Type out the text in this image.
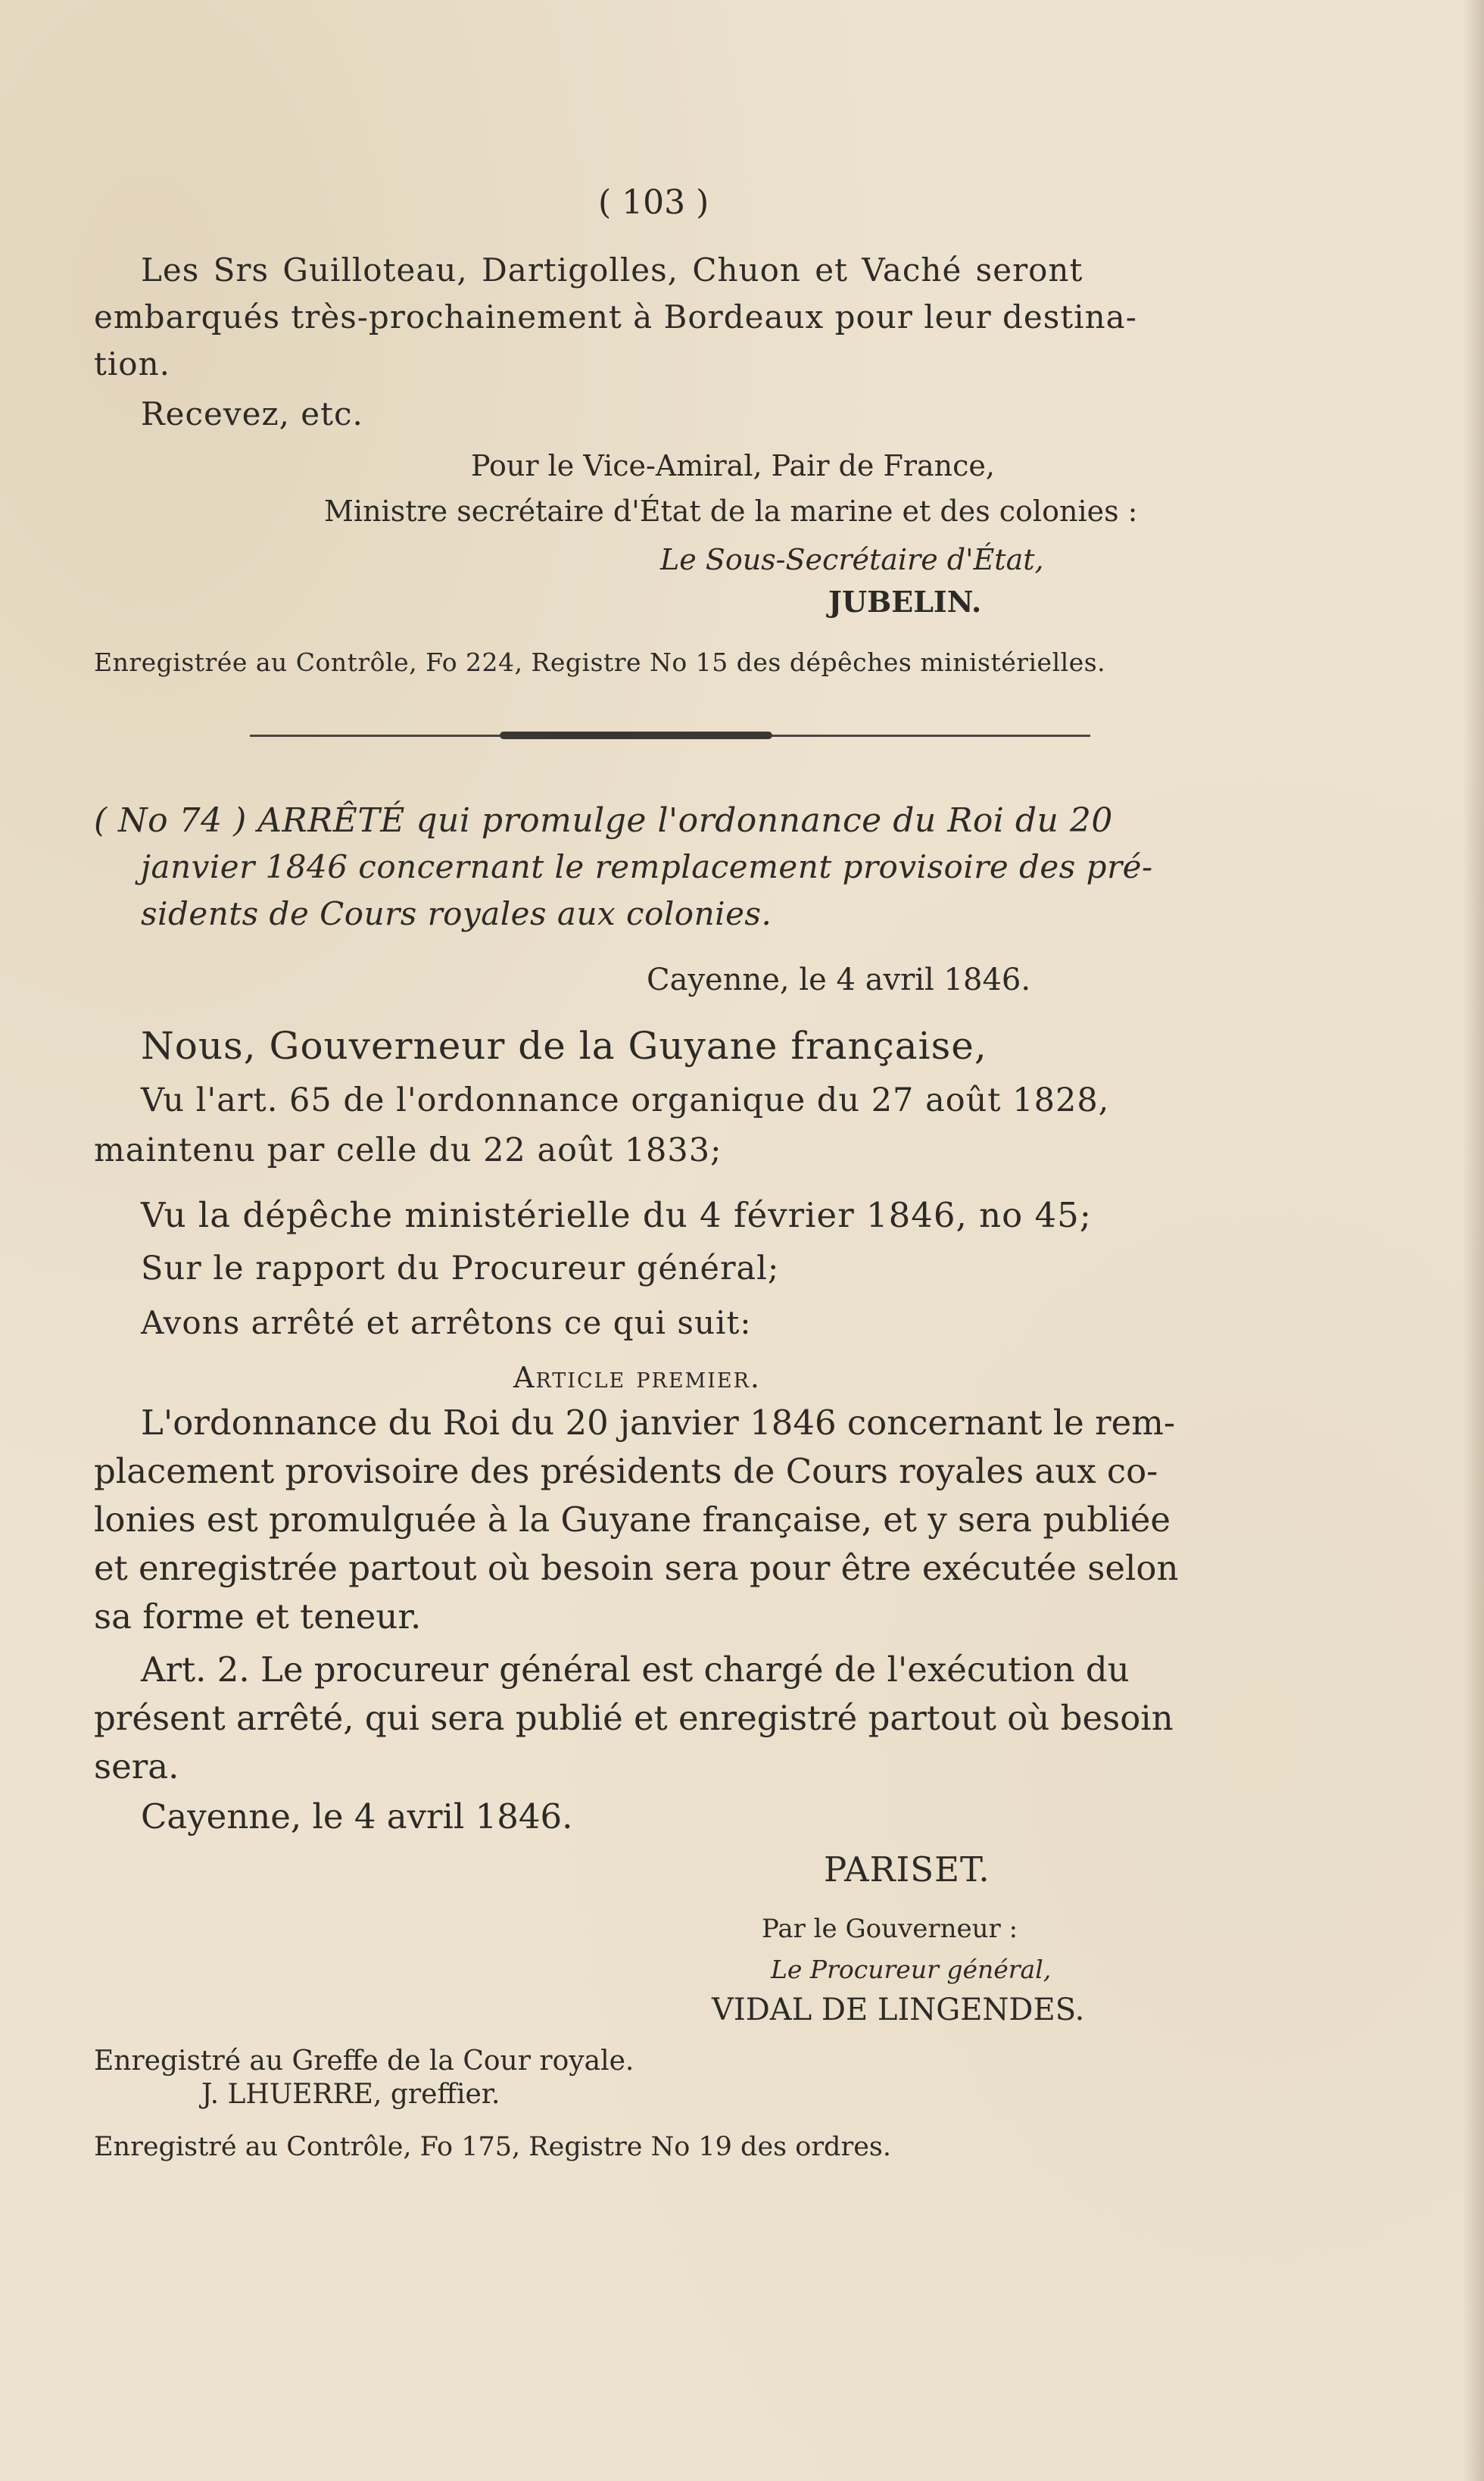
( 103 )
Les Srs Guilloteau, Dartigolles, Chuon et Vaché seront
embarqués très-prochainement à Bordeaux pour leur destina-
tion.
Recevez, etc.
Pour le Vice-Amiral, Pair de France,
Ministre secrétaire d'État de la marine et des colonies :
Le Sous-Secrétaire d'État,
JUBELIN.
Enregistrée au Contrôle, Fo 224, Registre No 15 des dépêches ministérielles.
( No 74 ) ARRÊTÉ qui promulge l'ordonnance du Roi du 20
janvier 1846 concernant le remplacement provisoire des pré-
sidents de Cours royales aux colonies.
Cayenne, le 4 avril 1846.
Nous, Gouverneur de la Guyane française,
Vu l'art. 65 de l'ordonnance organique du 27 août 1828,
maintenu par celle du 22 août 1833;
Vu la dépêche ministérielle du 4 février 1846, no 45;
Sur le rapport du Procureur général;
Avons arrêté et arrêtons ce qui suit:
Article premier.
L'ordonnance du Roi du 20 janvier 1846 concernant le rem-
placement provisoire des présidents de Cours royales aux co-
lonies est promulguée à la Guyane française, et y sera publiée
et enregistrée partout où besoin sera pour être exécutée selon
sa forme et teneur.
Art. 2. Le procureur général est chargé de l'exécution du
présent arrêté, qui sera publié et enregistré partout où besoin
sera.
Cayenne, le 4 avril 1846.
PARISET.
Par le Gouverneur :
Le Procureur général,
VIDAL DE LINGENDES.
Enregistré au Greffe de la Cour royale.
J. LHUERRE, greffier.
Enregistré au Contrôle, Fo 175, Registre No 19 des ordres.
